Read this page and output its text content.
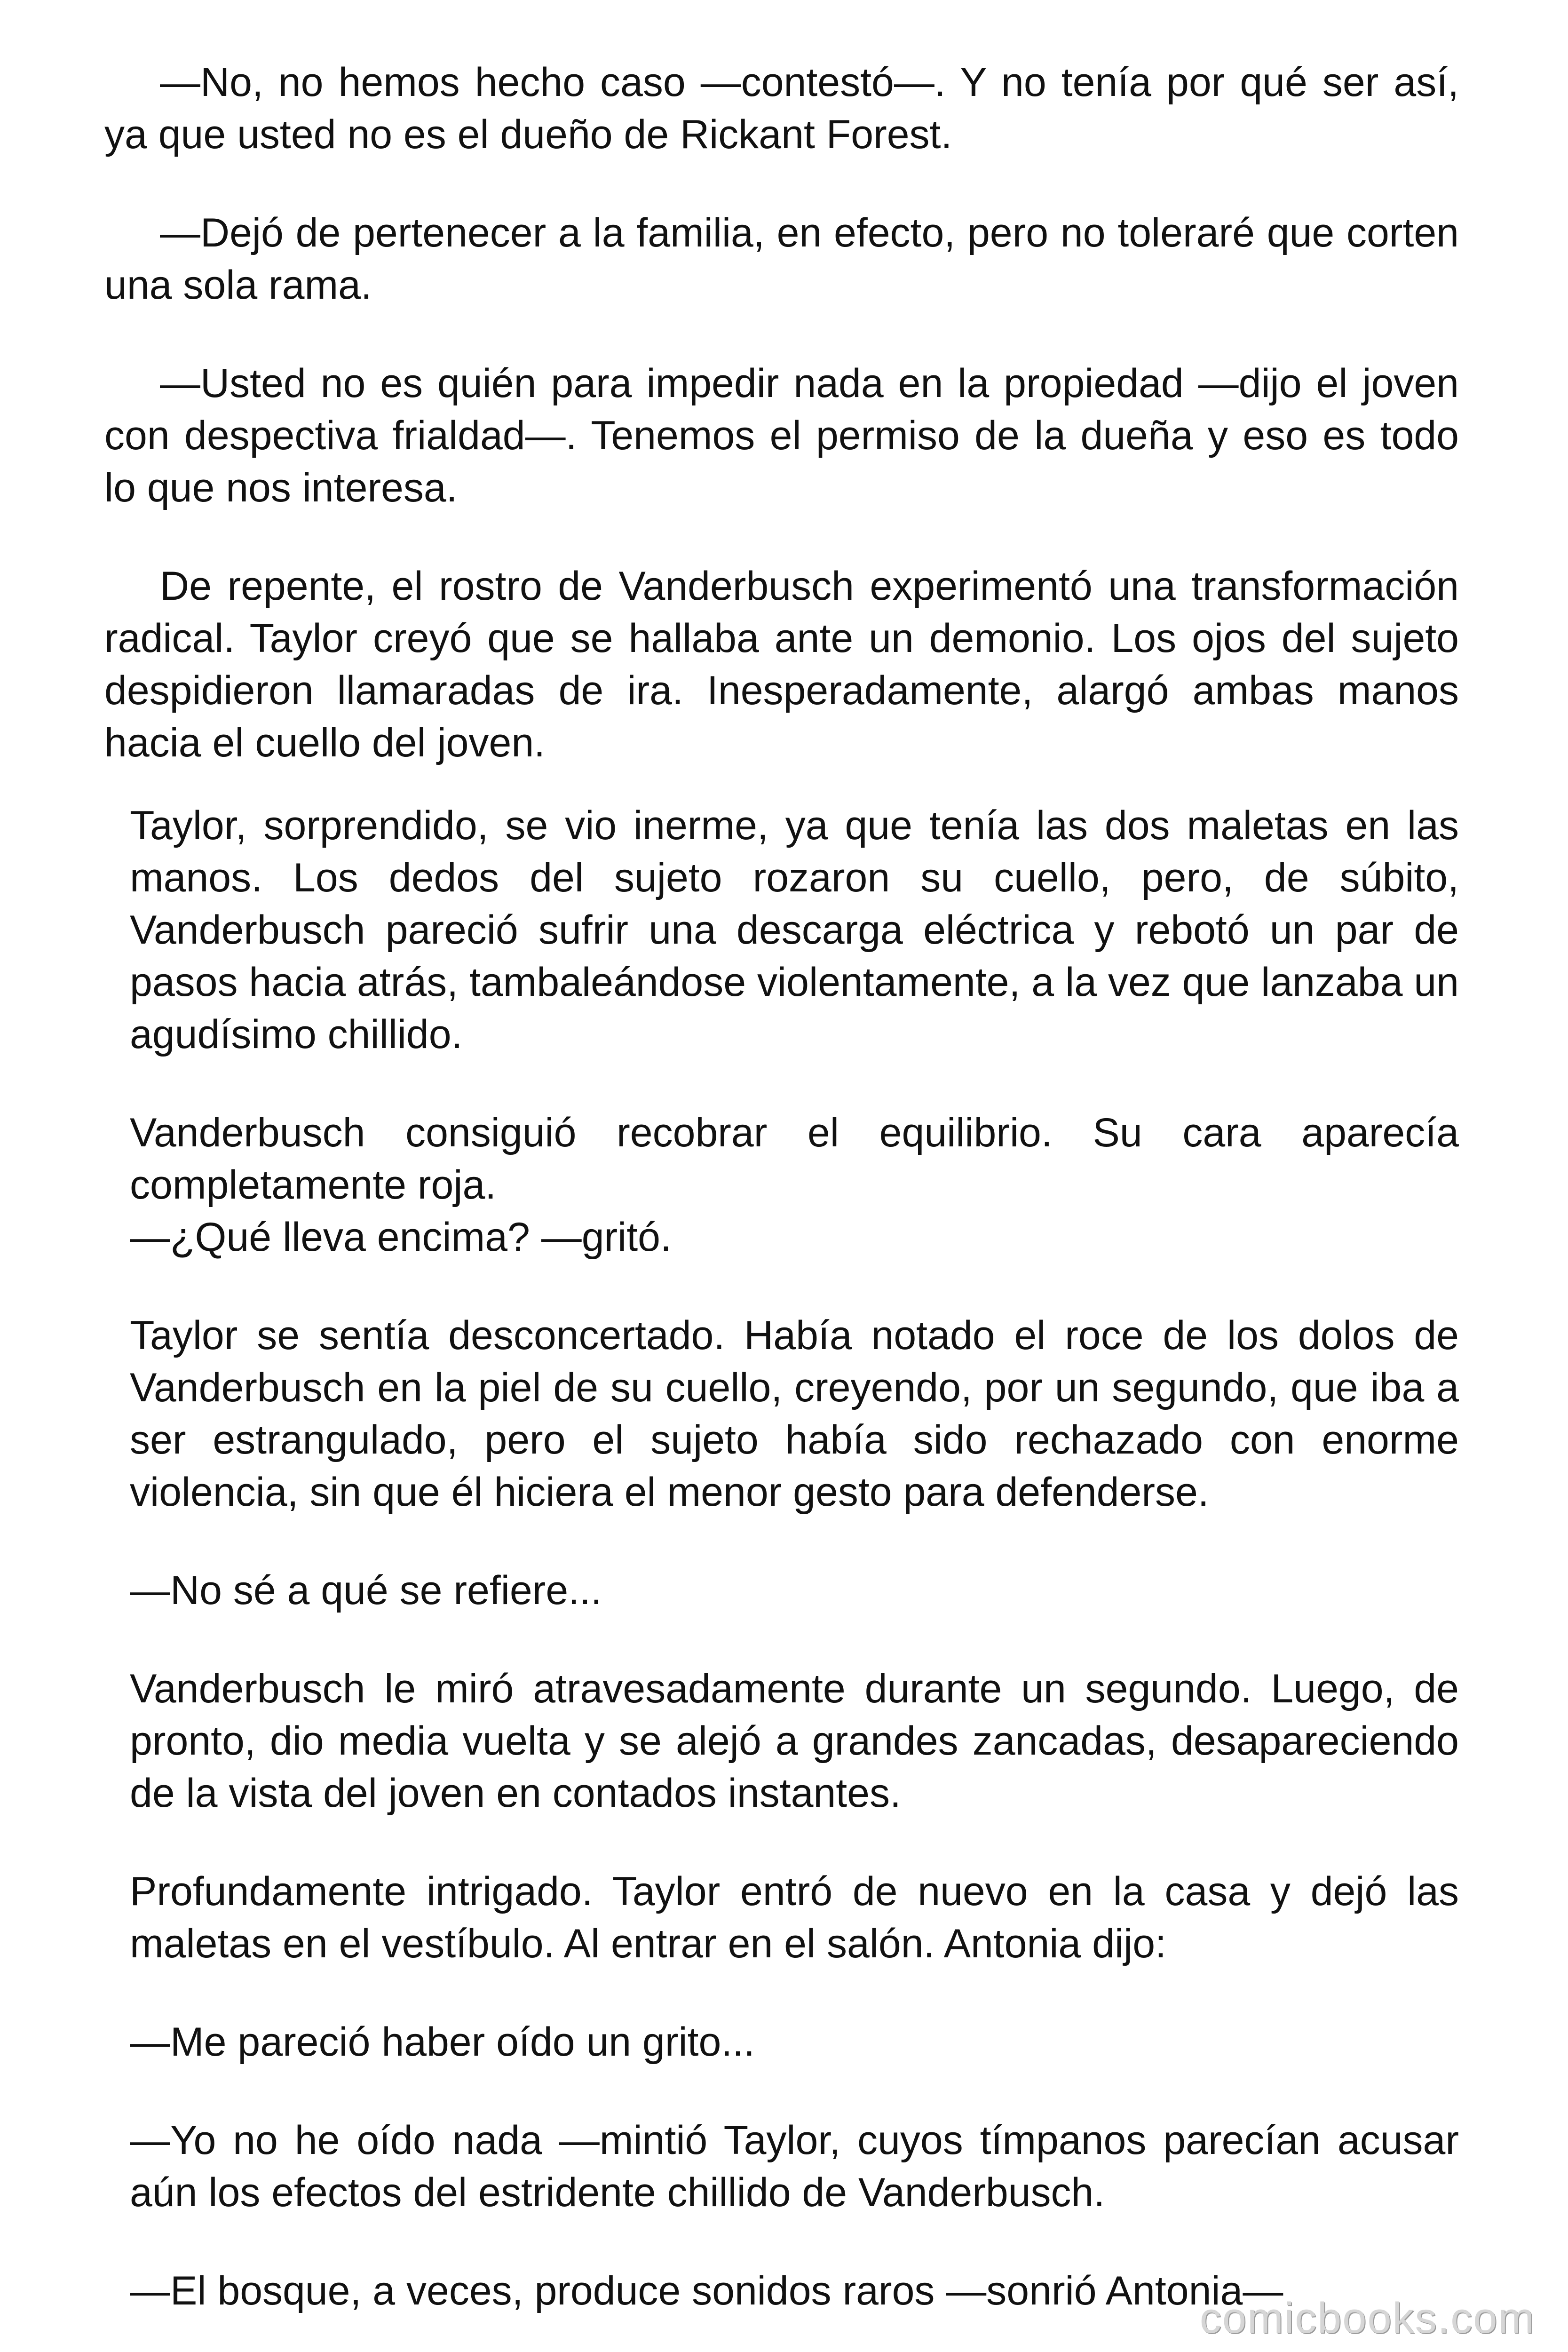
—No, no hemos hecho caso —contestó—. Y no tenía por qué ser así, ya que usted no es el dueño de Rickant Forest.

—Dejó de pertenecer a la familia, en efecto, pero no toleraré que corten una sola rama.

—Usted no es quién para impedir nada en la propiedad —dijo el joven con despectiva frialdad—. Tenemos el permiso de la dueña y eso es todo lo que nos interesa.

De repente, el rostro de Vanderbusch experimentó una transformación radical. Taylor creyó que se hallaba ante un demonio. Los ojos del sujeto despidieron llamaradas de ira. Inesperadamente, alargó ambas manos hacia el cuello del joven.

Taylor, sorprendido, se vio inerme, ya que tenía las dos maletas en las manos. Los dedos del sujeto rozaron su cuello, pero, de súbito, Vanderbusch pareció sufrir una descarga eléctrica y rebotó un par de pasos hacia atrás, tambaleándose violentamente, a la vez que lanzaba un agudísimo chillido.

Vanderbusch consiguió recobrar el equilibrio. Su cara aparecía completamente roja.
—¿Qué lleva encima? —gritó.

Taylor se sentía desconcertado. Había notado el roce de los dolos de Vanderbusch en la piel de su cuello, creyendo, por un segundo, que iba a ser estrangulado, pero el sujeto había sido rechazado con enorme violencia, sin que él hiciera el menor gesto para defenderse.

—No sé a qué se refiere...

Vanderbusch le miró atravesadamente durante un segundo. Luego, de pronto, dio media vuelta y se alejó a grandes zancadas, desapareciendo de la vista del joven en contados instantes.

Profundamente intrigado. Taylor entró de nuevo en la casa y dejó las maletas en el vestíbulo. Al entrar en el salón. Antonia dijo:

—Me pareció haber oído un grito...

—Yo no he oído nada —mintió Taylor, cuyos tímpanos parecían acusar aún los efectos del estridente chillido de Vanderbusch.

—El bosque, a veces, produce sonidos raros —sonrió Antonia—

comicbooks.com
